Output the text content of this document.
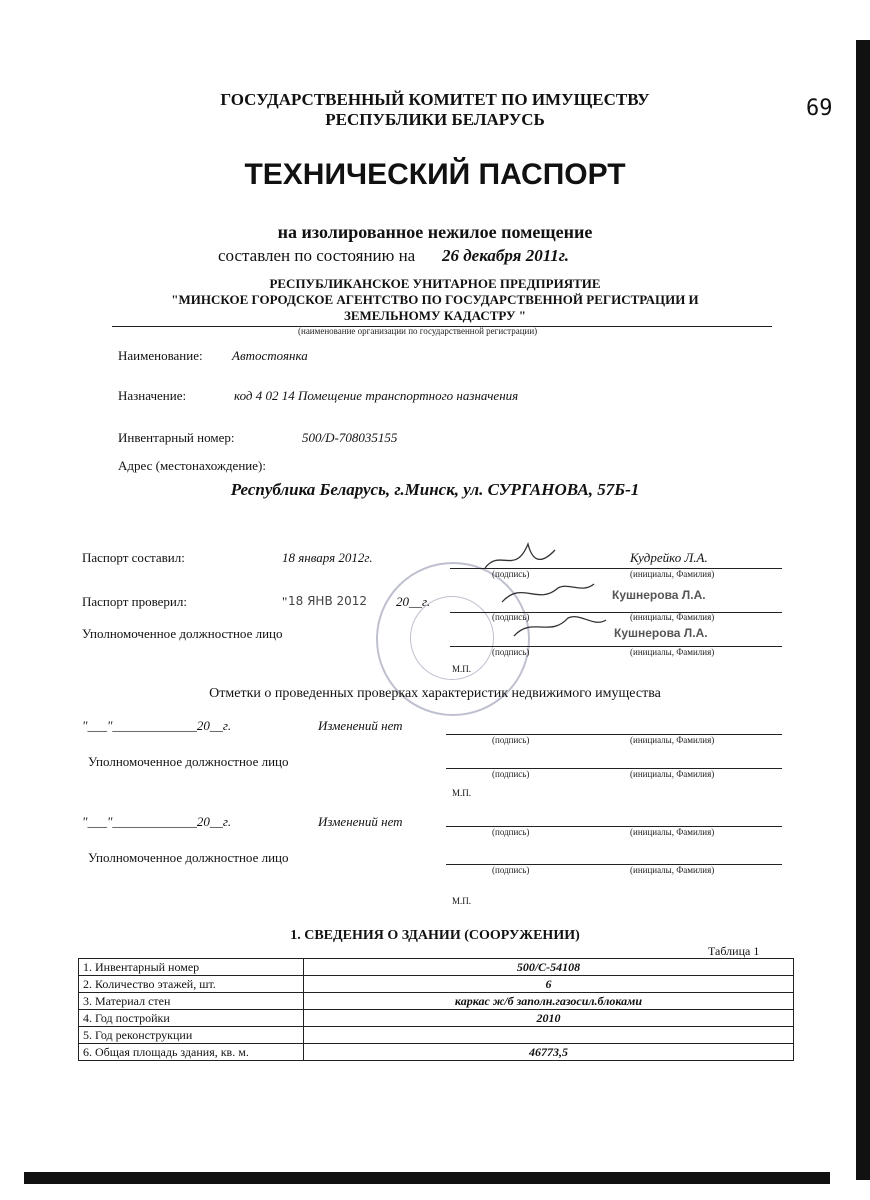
69
ГОСУДАРСТВЕННЫЙ КОМИТЕТ ПО ИМУЩЕСТВУ
РЕСПУБЛИКИ БЕЛАРУСЬ
ТЕХНИЧЕСКИЙ ПАСПОРТ
на изолированное нежилое помещение
составлен по состоянию на 26 декабря 2011г.
РЕСПУБЛИКАНСКОЕ УНИТАРНОЕ ПРЕДПРИЯТИЕ
"МИНСКОЕ ГОРОДСКОЕ АГЕНТСТВО ПО ГОСУДАРСТВЕННОЙ РЕГИСТРАЦИИ И
ЗЕМЕЛЬНОМУ КАДАСТРУ "
(наименование организации по государственной регистрации)
Наименование: Автостоянка
Назначение:	код 4 02 14 Помещение транспортного назначения
Инвентарный номер:	500/D-708035155
Адрес (местонахождение):
Республика Беларусь, г.Минск, ул. СУРГАНОВА, 57Б-1
Паспорт составил:	18 января 2012г.	Кудрейко Л.А.
(подпись)	(инициалы, Фамилия)
Паспорт проверил:	" 18 ЯНВ 2012 20__г.	Кушнерова Л.А.
(подпись)	(инициалы, Фамилия)
Уполномоченное должностное лицо	Кушнерова Л.А.
(подпись)	(инициалы, Фамилия)
М.П.
Отметки о проведенных проверках характеристик недвижимого имущества
"___"_____________20__г.	Изменений нет
(подпись)	(инициалы, Фамилия)
Уполномоченное должностное лицо
(подпись)	(инициалы, Фамилия)
М.П.
"___"_____________20__г.	Изменений нет
(подпись)	(инициалы, Фамилия)
Уполномоченное должностное лицо
(подпись)	(инициалы, Фамилия)
М.П.
1. СВЕДЕНИЯ О ЗДАНИИ (СООРУЖЕНИИ)
Таблица 1
1. Инвентарный номер	500/С-54108
2. Количество этажей, шт.	6
3. Материал стен	каркас ж/б заполн.газосил.блоками
4. Год постройки	2010
5. Год реконструкции	
6. Общая площадь здания, кв. м.	46773,5
